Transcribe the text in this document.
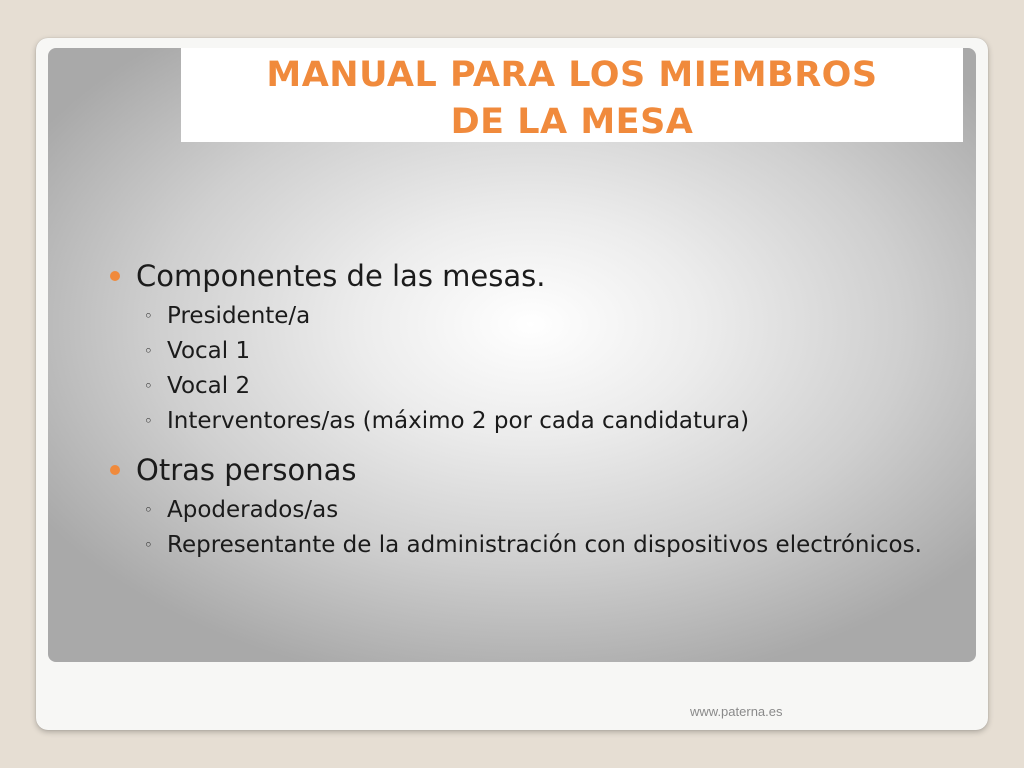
MANUAL PARA LOS MIEMBROS
DE LA MESA
Componentes de las mesas.
◦ Presidente/a
◦ Vocal 1
◦ Vocal 2
◦ Interventores/as (máximo 2 por cada candidatura)
Otras personas
◦ Apoderados/as
◦ Representante de la administración con dispositivos electrónicos.
www.paterna.es
